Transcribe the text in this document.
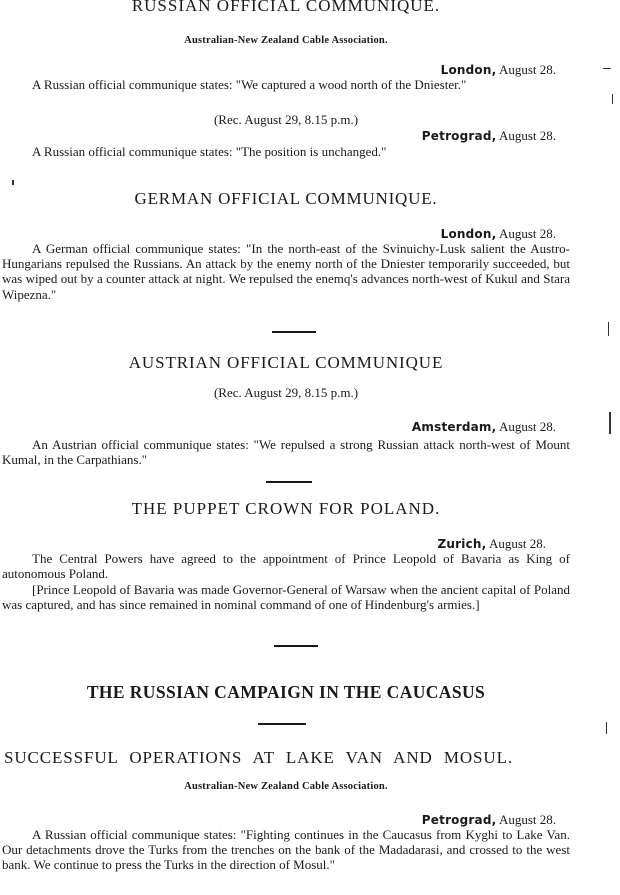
RUSSIAN OFFICIAL COMMUNIQUE.
Australian-New Zealand Cable Association.
London, August 28.

A Russian official communique states: "We captured a wood north of the Dniester."

(Rec. August 29, 8.15 p.m.)
Petrograd, August 28.

A Russian official communique states: "The position is unchanged."

GERMAN OFFICIAL COMMUNIQUE.
London, August 28.

A German official communique states: "In the north-east of the Svinuichy-Lusk salient the Austro-Hungarians repulsed the Russians. An attack by the enemy north of the Dniester temporarily succeeded, but was wiped out by a counter attack at night. We repulsed the enemq's advances north-west of Kukul and Stara Wipezna."

AUSTRIAN OFFICIAL COMMUNIQUE
(Rec. August 29, 8.15 p.m.)
Amsterdam, August 28.

An Austrian official communique states: "We repulsed a strong Russian attack north-west of Mount Kumal, in the Carpathians."

THE PUPPET CROWN FOR POLAND.
Zurich, August 28.

The Central Powers have agreed to the appointment of Prince Leopold of Bavaria as King of autonomous Poland.

[Prince Leopold of Bavaria was made Governor-General of Warsaw when the ancient capital of Poland was captured, and has since remained in nominal command of one of Hindenburg's armies.]

THE RUSSIAN CAMPAIGN IN THE CAUCASUS
SUCCESSFUL OPERATIONS AT LAKE VAN AND MOSUL.
Australian-New Zealand Cable Association.
Petrograd, August 28.

A Russian official communique states: "Fighting continues in the Caucasus from Kyghi to Lake Van. Our detachments drove the Turks from the trenches on the bank of the Madadarasi, and crossed to the west bank. We continue to press the Turks in the direction of Mosul."
